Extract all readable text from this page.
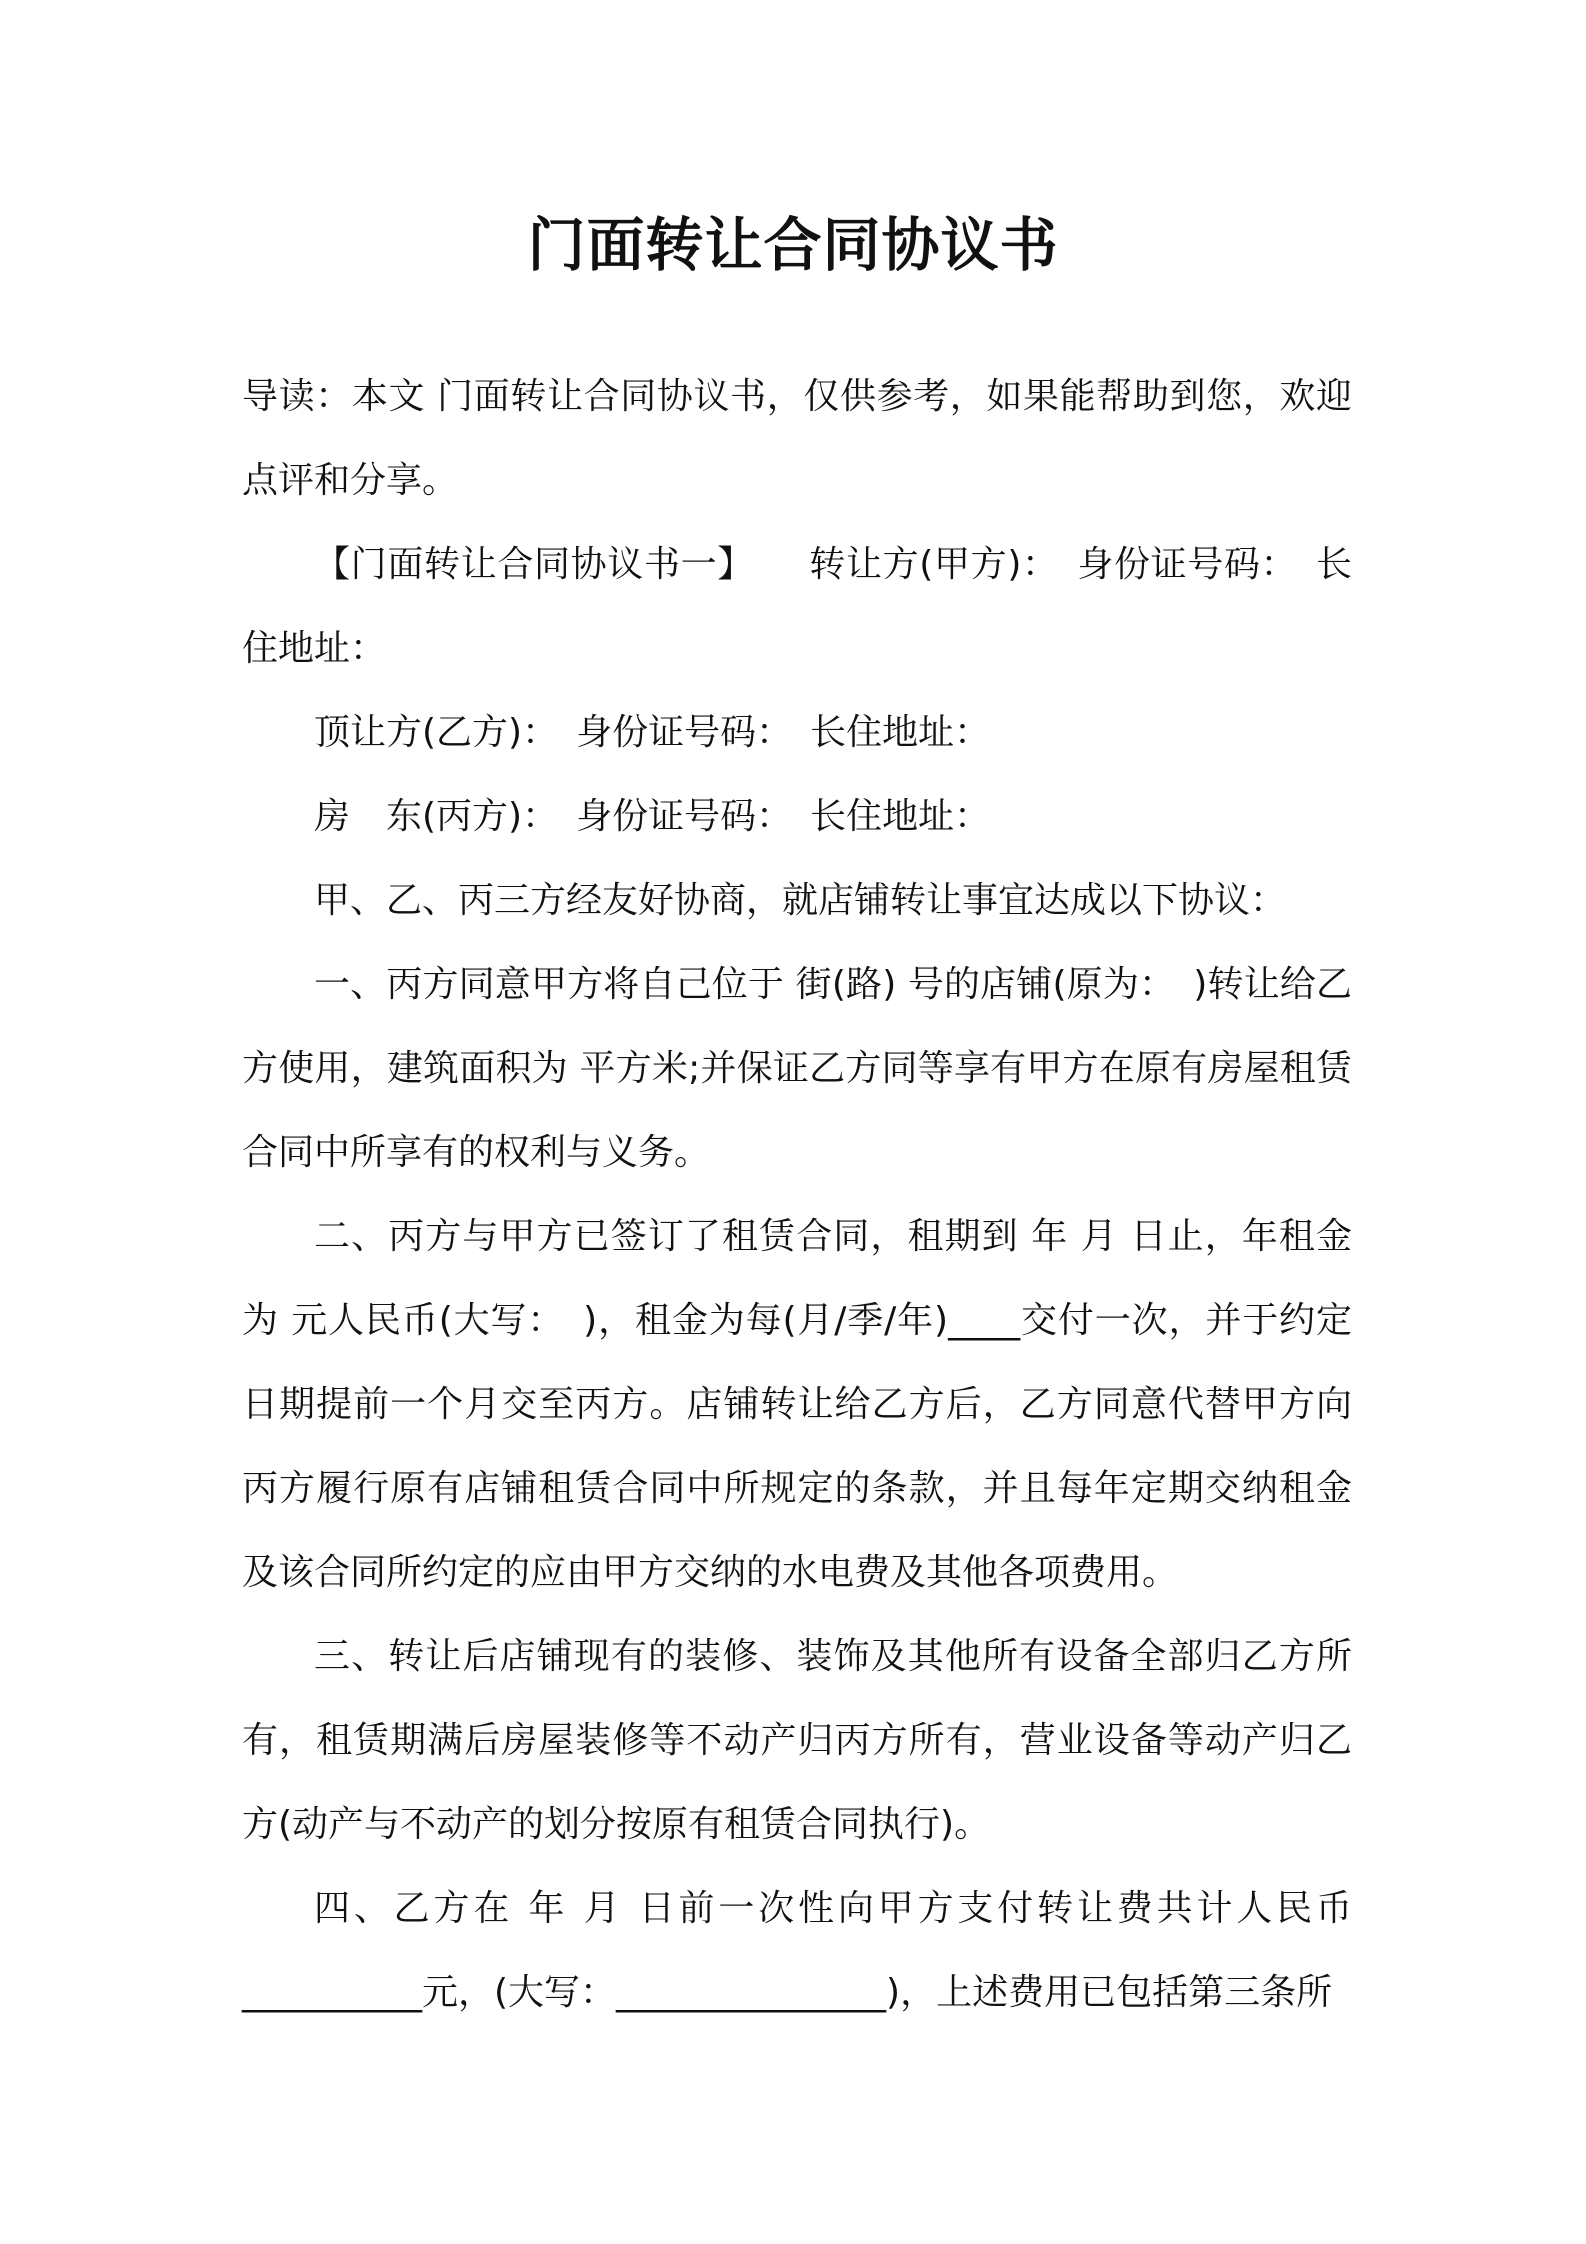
门面转让合同协议书

导读：本文 门面转让合同协议书，仅供参考，如果能帮助到您，欢迎点评和分享。

【门面转让合同协议书一】　　转让方(甲方)：　身份证号码：　长住地址：

顶让方(乙方)：　身份证号码：　长住地址：

房　东(丙方)：　身份证号码：　长住地址：

甲、乙、丙三方经友好协商，就店铺转让事宜达成以下协议：

一、丙方同意甲方将自己位于 街(路) 号的店铺(原为：　)转让给乙方使用，建筑面积为 平方米;并保证乙方同等享有甲方在原有房屋租赁合同中所享有的权利与义务。

二、丙方与甲方已签订了租赁合同，租期到 年 月 日止，年租金为 元人民币(大写：　)，租金为每(月/季/年)____交付一次，并于约定日期提前一个月交至丙方。店铺转让给乙方后，乙方同意代替甲方向丙方履行原有店铺租赁合同中所规定的条款，并且每年定期交纳租金及该合同所约定的应由甲方交纳的水电费及其他各项费用。

三、转让后店铺现有的装修、装饰及其他所有设备全部归乙方所有，租赁期满后房屋装修等不动产归丙方所有，营业设备等动产归乙方(动产与不动产的划分按原有租赁合同执行)。

四、乙方在 年 月 日前一次性向甲方支付转让费共计人民币__________元，(大写：_______________)，上述费用已包括第三条所
